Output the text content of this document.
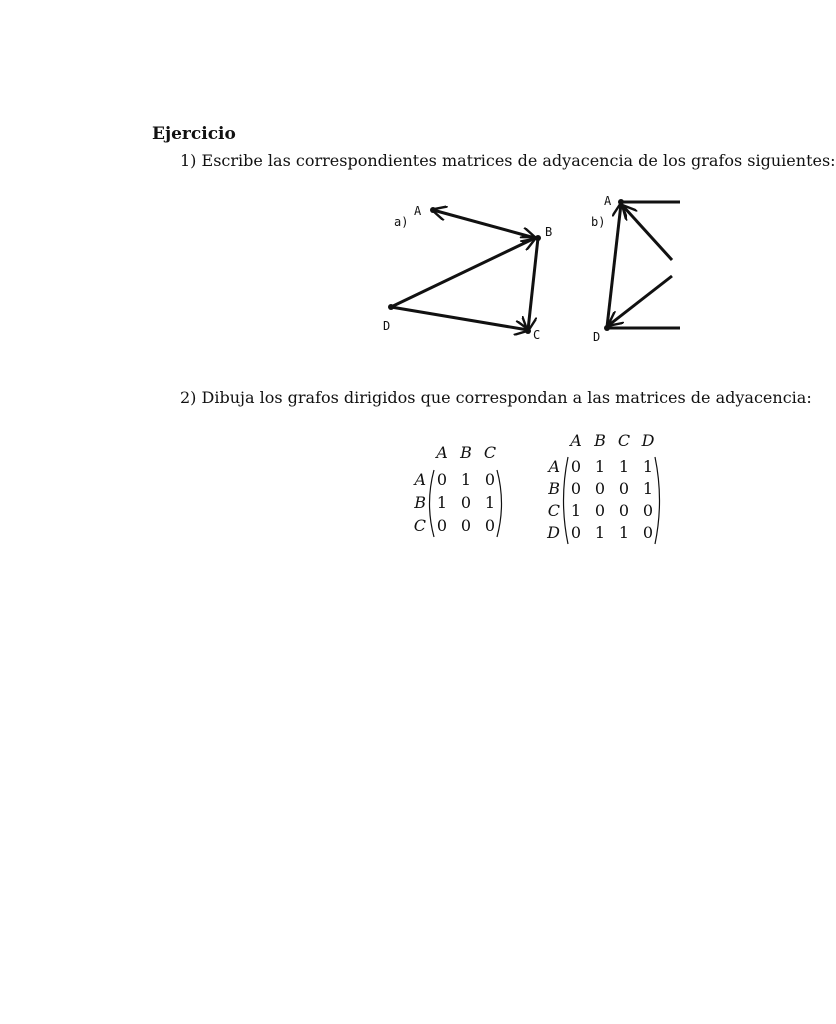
Ejercicio
1) Escribe las correspondientes matrices de adyacencia de los grafos siguientes:
2) Dibuja los grafos dirigidos que correspondan a las matrices de adyacencia:
a)
A
B
C
D
b)
A
D
A B C
A 0 1 0
B 1 0 1
C 0 0 0
A B C D
A 0 1 1 1
B 0 0 0 1
C 1 0 0 0
D 0 1 1 0
